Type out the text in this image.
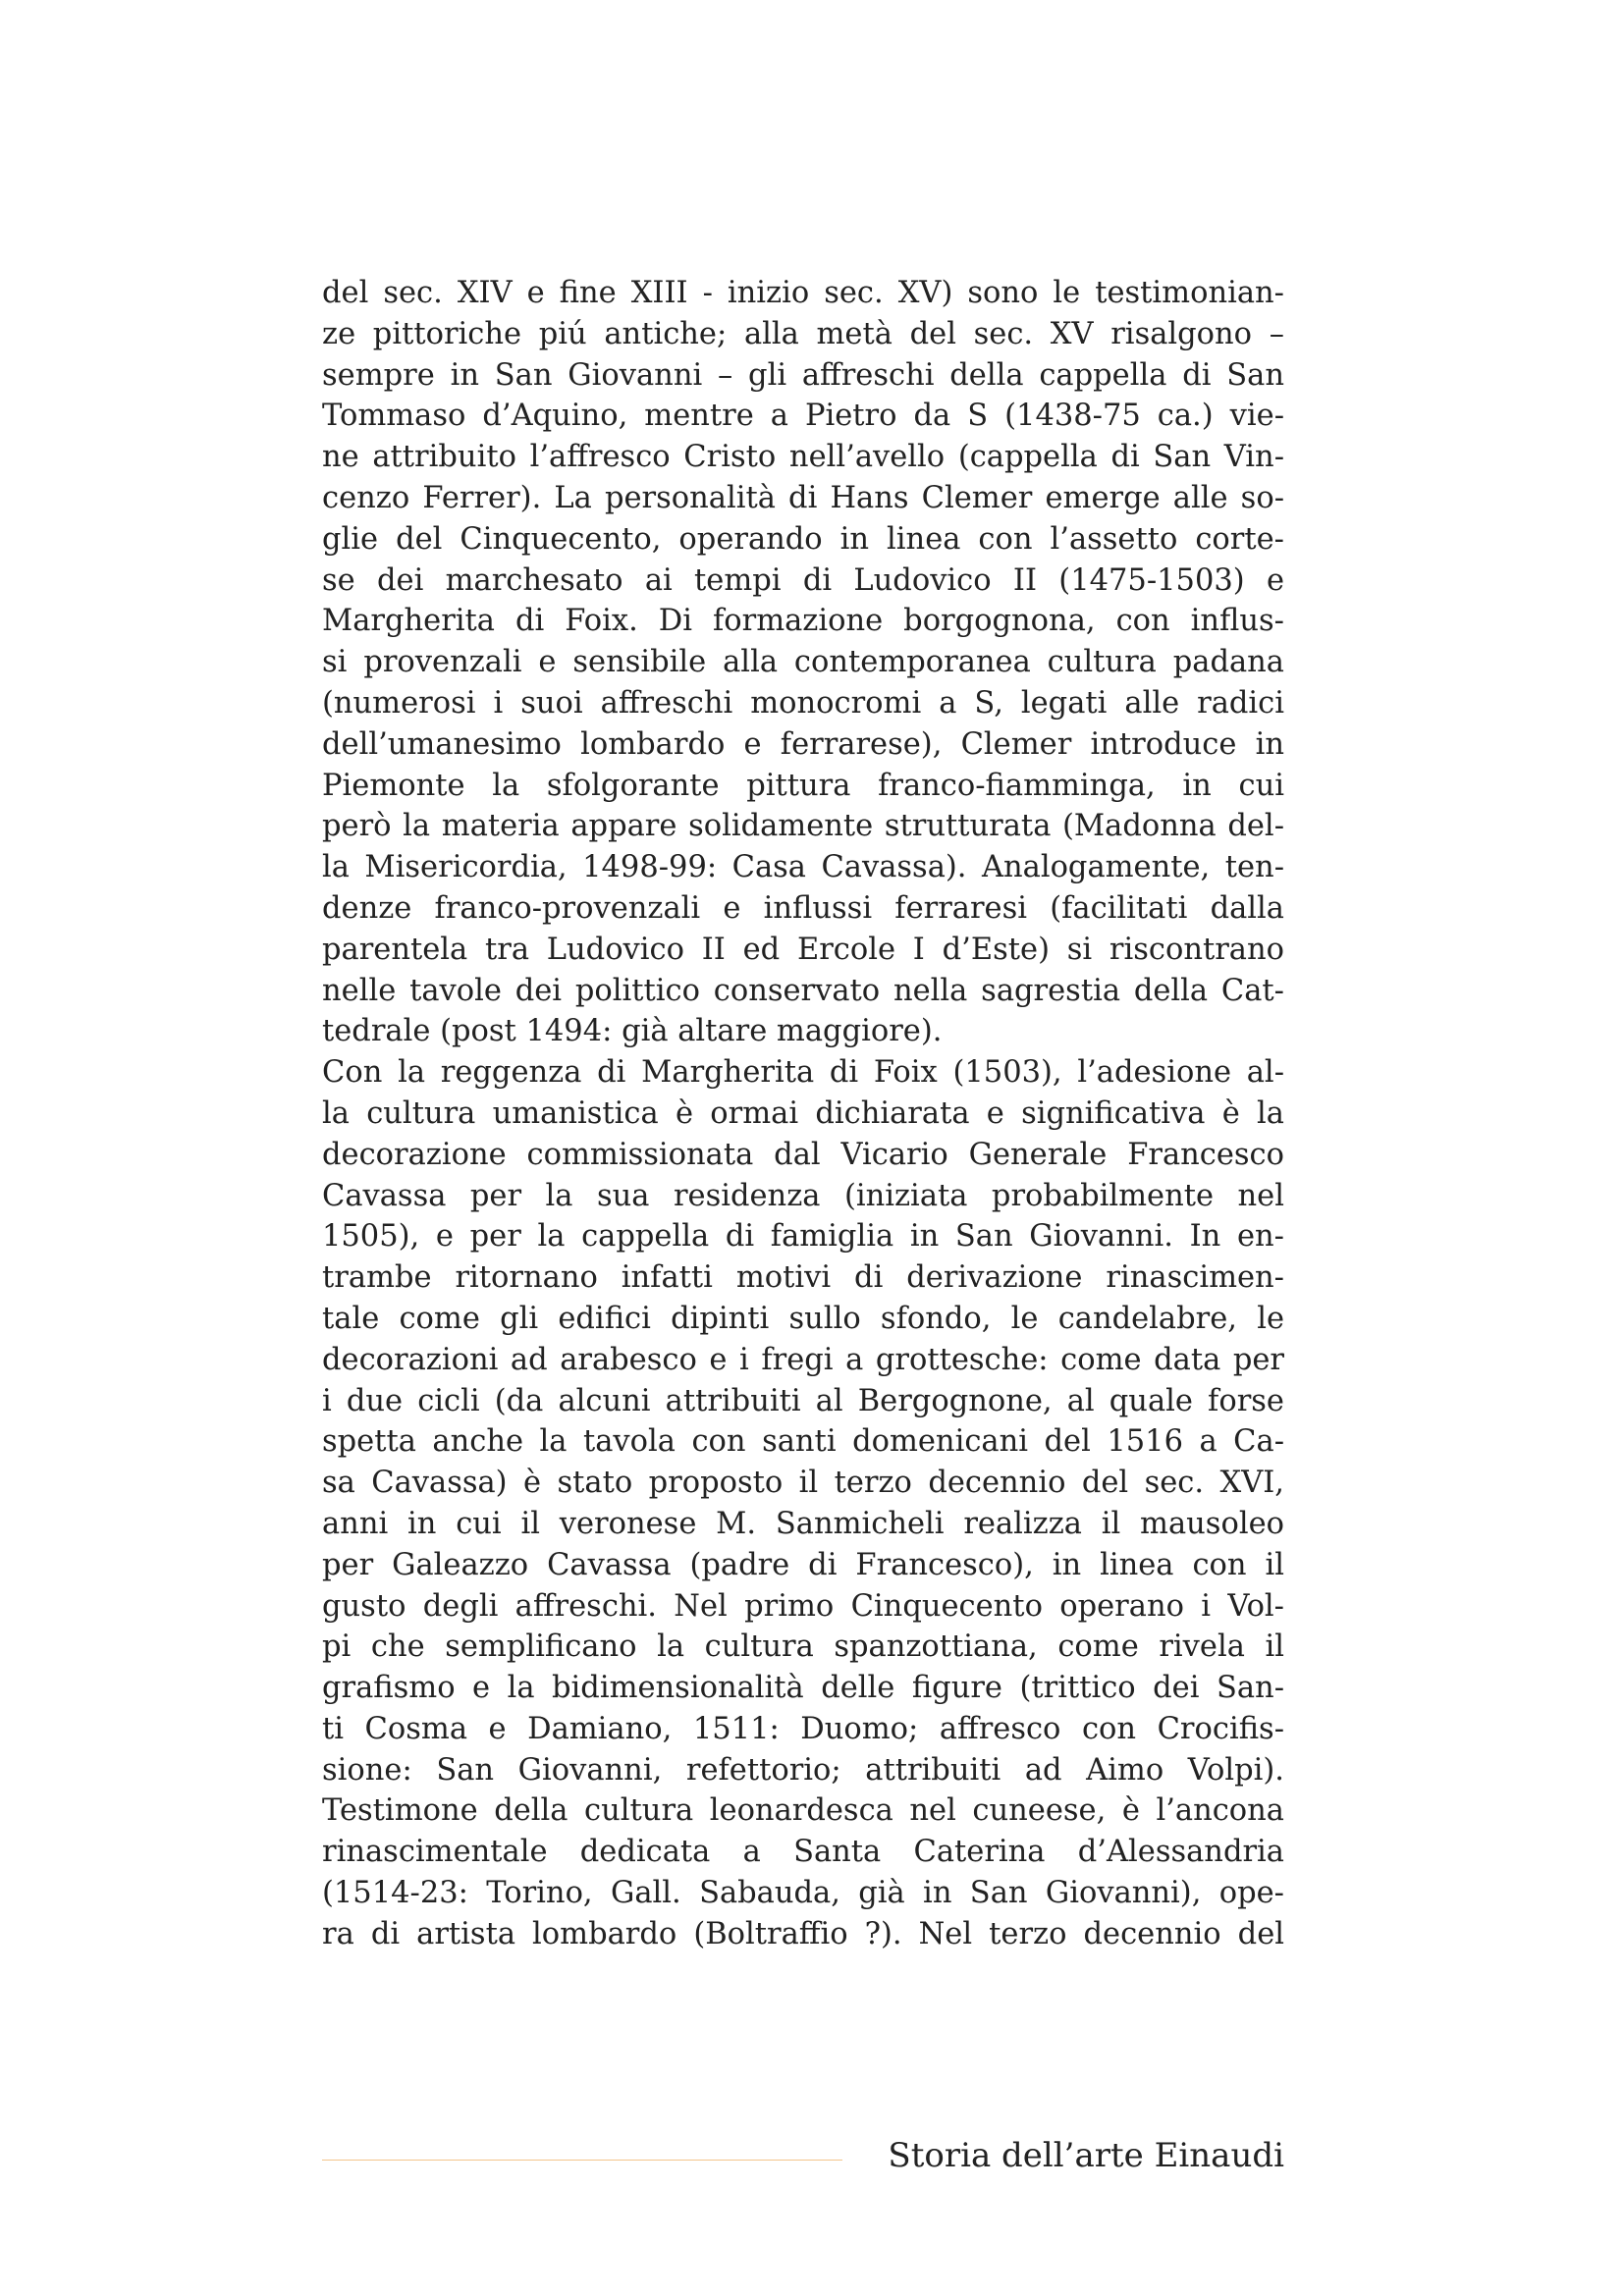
del sec. XIV e fine XIII - inizio sec. XV) sono le testimonian-
ze pittoriche piú antiche; alla metà del sec. XV risalgono –
sempre in San Giovanni – gli affreschi della cappella di San
Tommaso d’Aquino, mentre a Pietro da S (1438-75 ca.) vie-
ne attribuito l’affresco Cristo nell’avello (cappella di San Vin-
cenzo Ferrer). La personalità di Hans Clemer emerge alle so-
glie del Cinquecento, operando in linea con l’assetto corte-
se dei marchesato ai tempi di Ludovico II (1475-1503) e
Margherita di Foix. Di formazione borgognona, con influs-
si provenzali e sensibile alla contemporanea cultura padana
(numerosi i suoi affreschi monocromi a S, legati alle radici
dell’umanesimo lombardo e ferrarese), Clemer introduce in
Piemonte la sfolgorante pittura franco-fiamminga, in cui
però la materia appare solidamente strutturata (Madonna del-
la Misericordia, 1498-99: Casa Cavassa). Analogamente, ten-
denze franco-provenzali e influssi ferraresi (facilitati dalla
parentela tra Ludovico II ed Ercole I d’Este) si riscontrano
nelle tavole dei polittico conservato nella sagrestia della Cat-
tedrale (post 1494: già altare maggiore).
Con la reggenza di Margherita di Foix (1503), l’adesione al-
la cultura umanistica è ormai dichiarata e significativa è la
decorazione commissionata dal Vicario Generale Francesco
Cavassa per la sua residenza (iniziata probabilmente nel
1505), e per la cappella di famiglia in San Giovanni. In en-
trambe ritornano infatti motivi di derivazione rinascimen-
tale come gli edifici dipinti sullo sfondo, le candelabre, le
decorazioni ad arabesco e i fregi a grottesche: come data per
i due cicli (da alcuni attribuiti al Bergognone, al quale forse
spetta anche la tavola con santi domenicani del 1516 a Ca-
sa Cavassa) è stato proposto il terzo decennio del sec. XVI,
anni in cui il veronese M. Sanmicheli realizza il mausoleo
per Galeazzo Cavassa (padre di Francesco), in linea con il
gusto degli affreschi. Nel primo Cinquecento operano i Vol-
pi che semplificano la cultura spanzottiana, come rivela il
grafismo e la bidimensionalità delle figure (trittico dei San-
ti Cosma e Damiano, 1511: Duomo; affresco con Crocifis-
sione: San Giovanni, refettorio; attribuiti ad Aimo Volpi).
Testimone della cultura leonardesca nel cuneese, è l’ancona
rinascimentale dedicata a Santa Caterina d’Alessandria
(1514-23: Torino, Gall. Sabauda, già in San Giovanni), ope-
ra di artista lombardo (Boltraffio ?). Nel terzo decennio del
Storia dell’arte Einaudi
